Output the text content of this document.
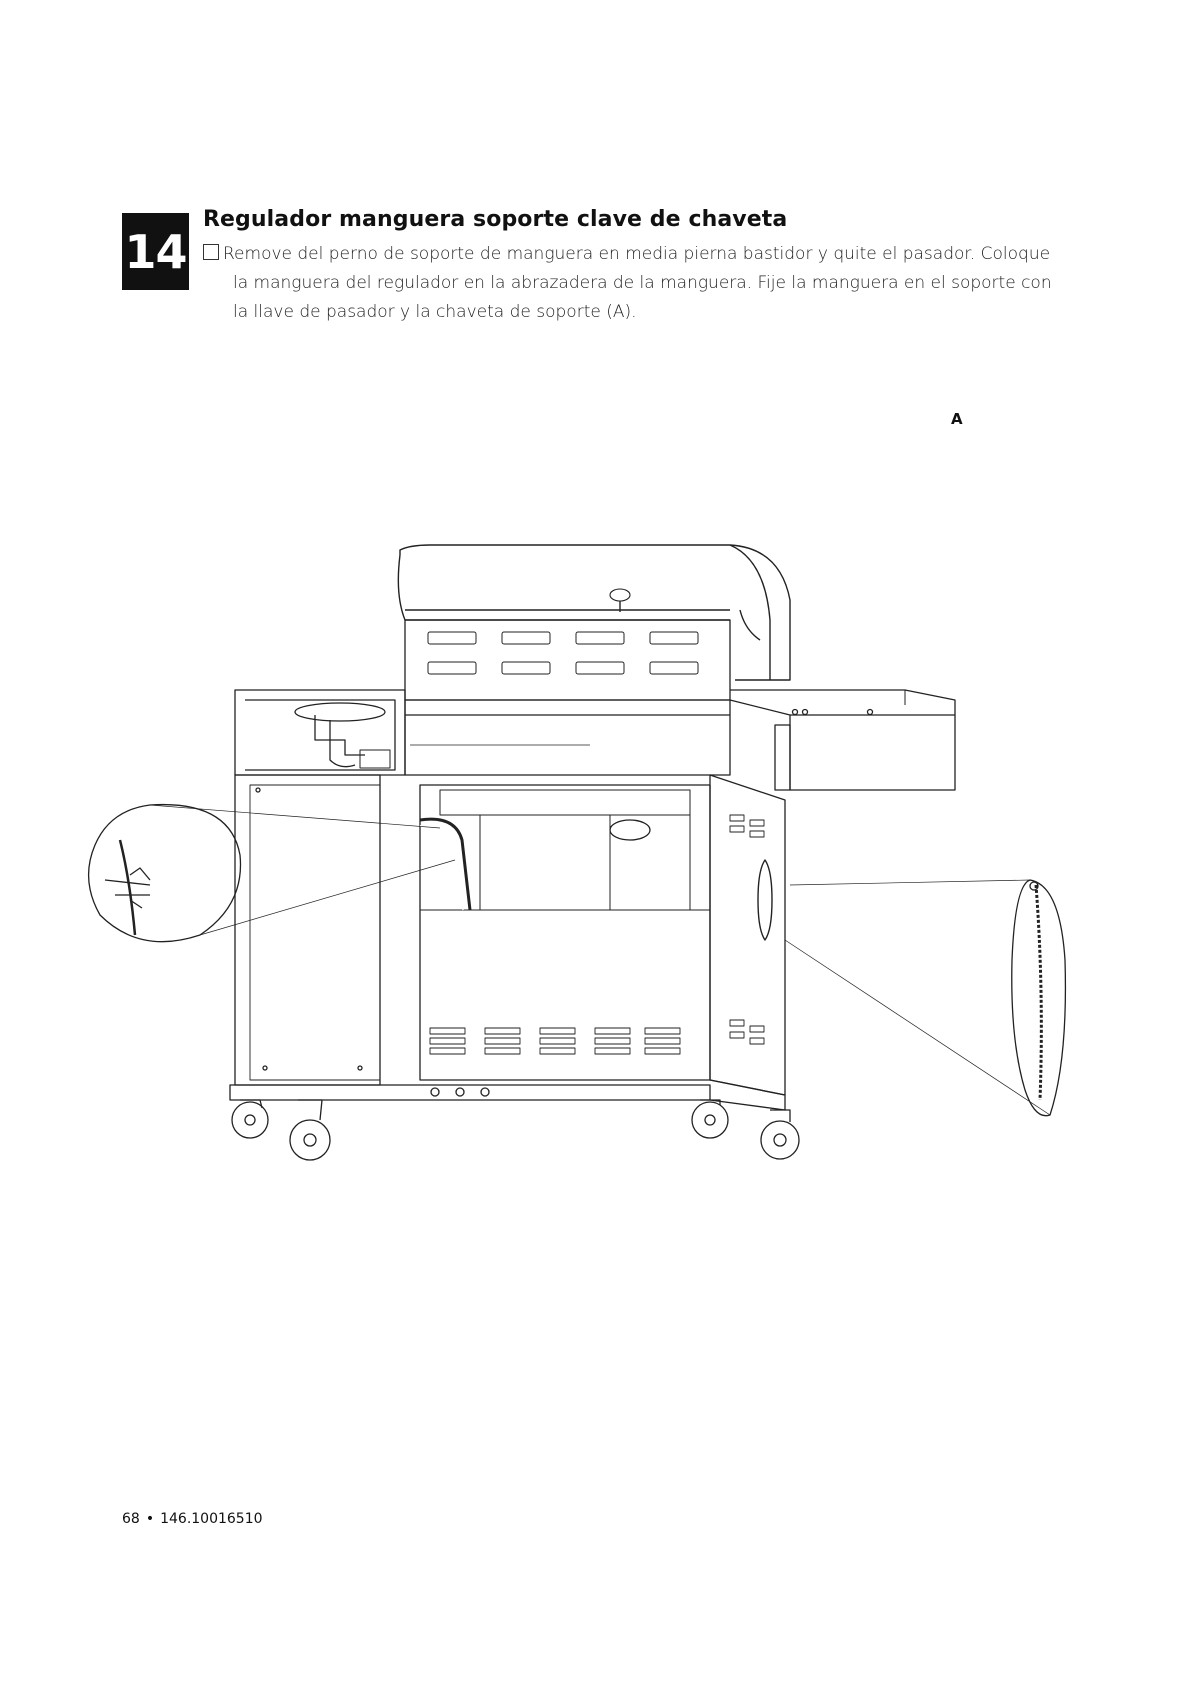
14
Regulador manguera soporte clave de chaveta
Remove del perno de soporte de manguera en media pierna bastidor y quite el pasador. Coloque
la manguera del regulador en la abrazadera de la manguera. Fije la manguera en el soporte con
la llave de pasador y la chaveta de soporte (A).
A
68 • 146.10016510
